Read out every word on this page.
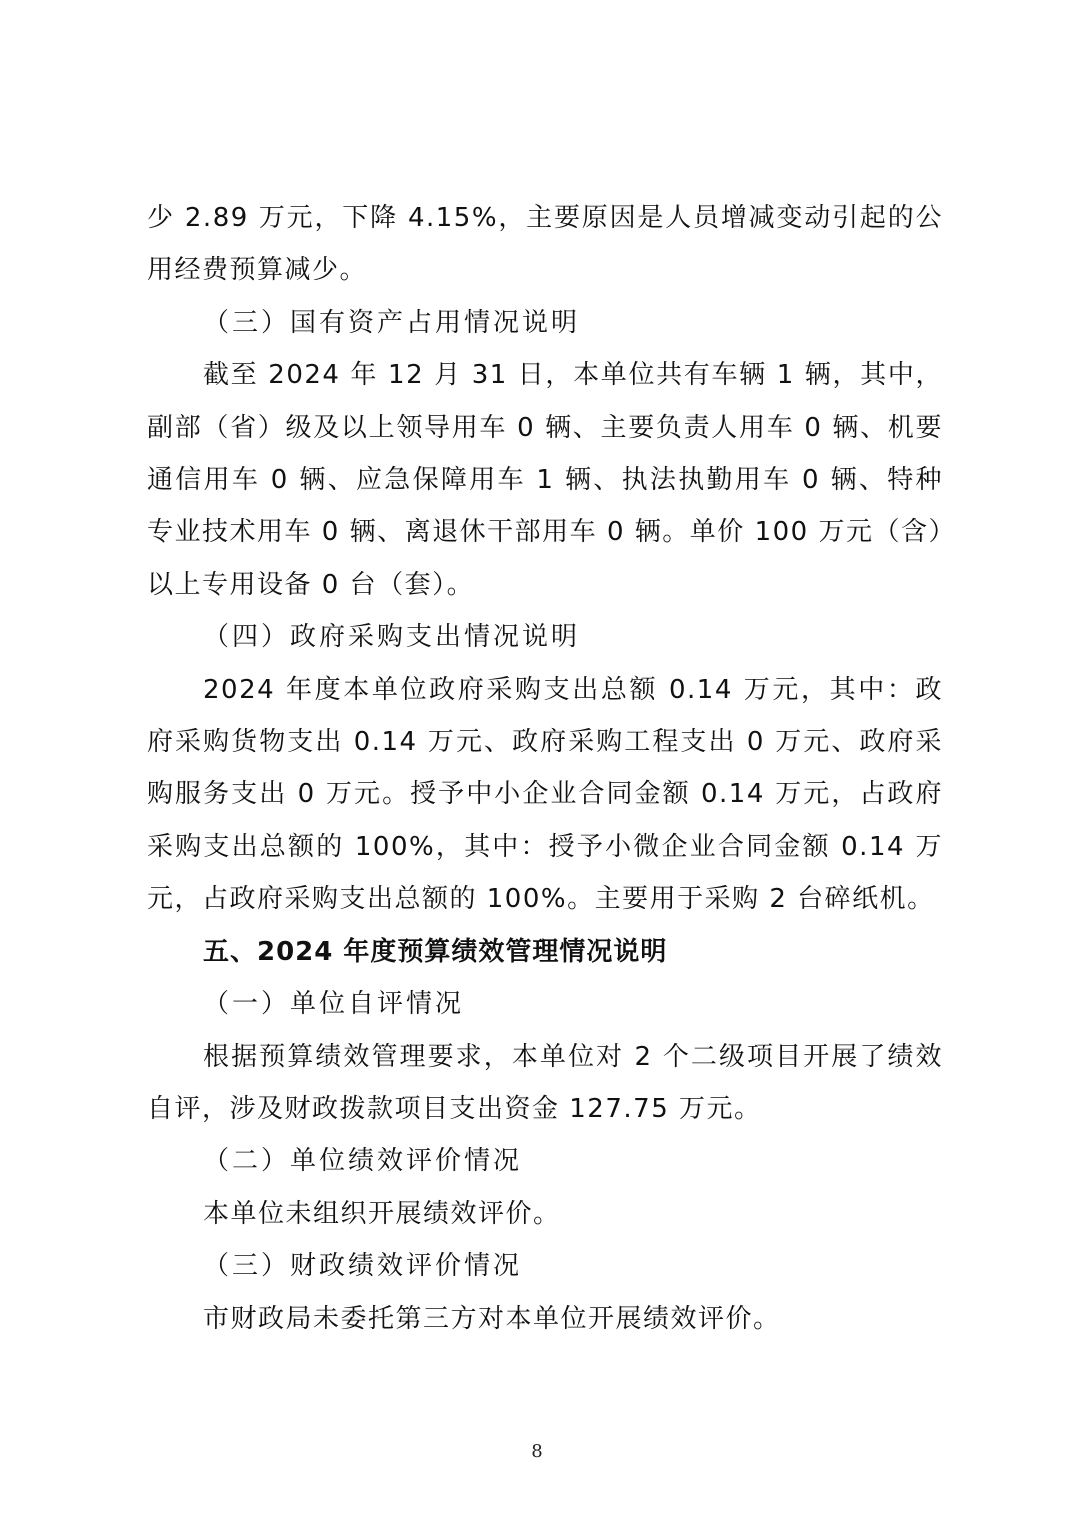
少 2.89 万元，下降 4.15%，主要原因是人员增减变动引起的公用经费预算减少。

（三）国有资产占用情况说明

截至 2024 年 12 月 31 日，本单位共有车辆 1 辆，其中，副部（省）级及以上领导用车 0 辆、主要负责人用车 0 辆、机要通信用车 0 辆、应急保障用车 1 辆、执法执勤用车 0 辆、特种专业技术用车 0 辆、离退休干部用车 0 辆。单价 100 万元（含）以上专用设备 0 台（套）。

（四）政府采购支出情况说明

2024 年度本单位政府采购支出总额 0.14 万元，其中：政府采购货物支出 0.14 万元、政府采购工程支出 0 万元、政府采购服务支出 0 万元。授予中小企业合同金额 0.14 万元，占政府采购支出总额的 100%，其中：授予小微企业合同金额 0.14 万元，占政府采购支出总额的 100%。主要用于采购 2 台碎纸机。

五、2024 年度预算绩效管理情况说明

（一）单位自评情况

根据预算绩效管理要求，本单位对 2 个二级项目开展了绩效自评，涉及财政拨款项目支出资金 127.75 万元。

（二）单位绩效评价情况

本单位未组织开展绩效评价。

（三）财政绩效评价情况

市财政局未委托第三方对本单位开展绩效评价。

8
